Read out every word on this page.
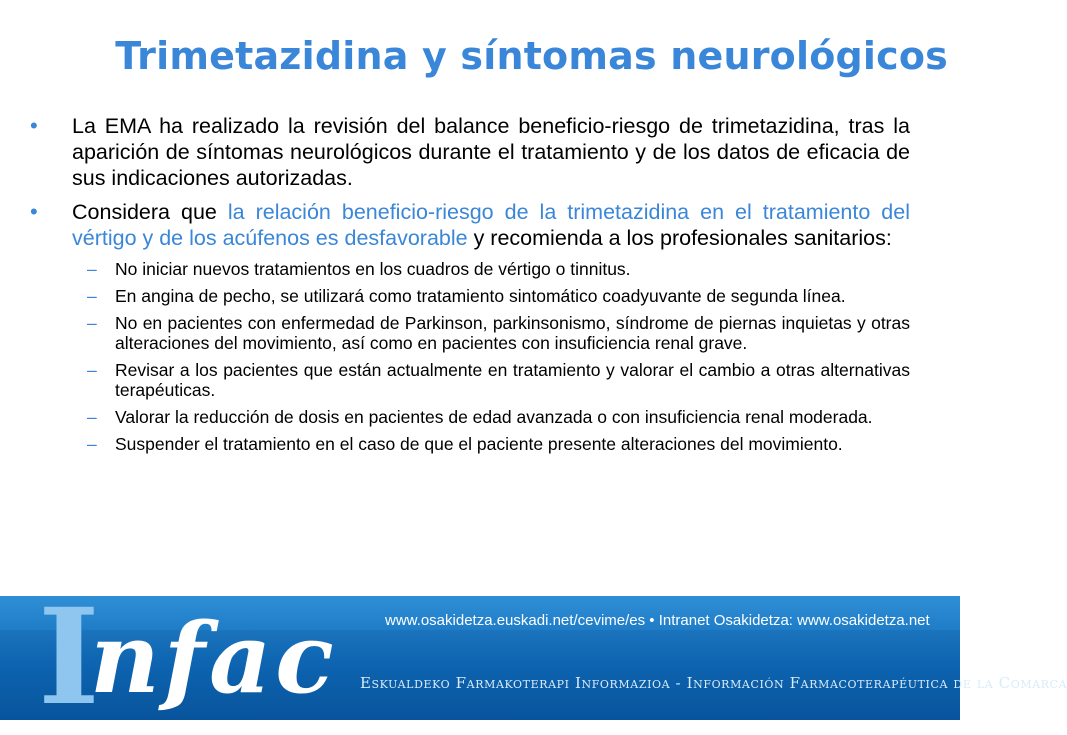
Trimetazidina y síntomas neurológicos
• La EMA ha realizado la revisión del balance beneficio-riesgo de trimetazidina, tras la aparición de síntomas neurológicos durante el tratamiento y de los datos de eficacia de sus indicaciones autorizadas.
• Considera que la relación beneficio-riesgo de la trimetazidina en el tratamiento del vértigo y de los acúfenos es desfavorable y recomienda a los profesionales sanitarios:
– No iniciar nuevos tratamientos en los cuadros de vértigo o tinnitus.
– En angina de pecho, se utilizará como tratamiento sintomático coadyuvante de segunda línea.
– No en pacientes con enfermedad de Parkinson, parkinsonismo, síndrome de piernas inquietas y otras alteraciones del movimiento, así como en pacientes con insuficiencia renal grave.
– Revisar a los pacientes que están actualmente en tratamiento y valorar el cambio a otras alternativas terapéuticas.
– Valorar la reducción de dosis en pacientes de edad avanzada o con insuficiencia renal moderada.
– Suspender el tratamiento en el caso de que el paciente presente alteraciones del movimiento.
I
nfac	www.osakidetza.euskadi.net/cevime/es • Intranet Osakidetza: www.osakidetza.net
Eskualdeko Farmakoterapi Informazioa - Información Farmacoterapéutica de la Comarca
